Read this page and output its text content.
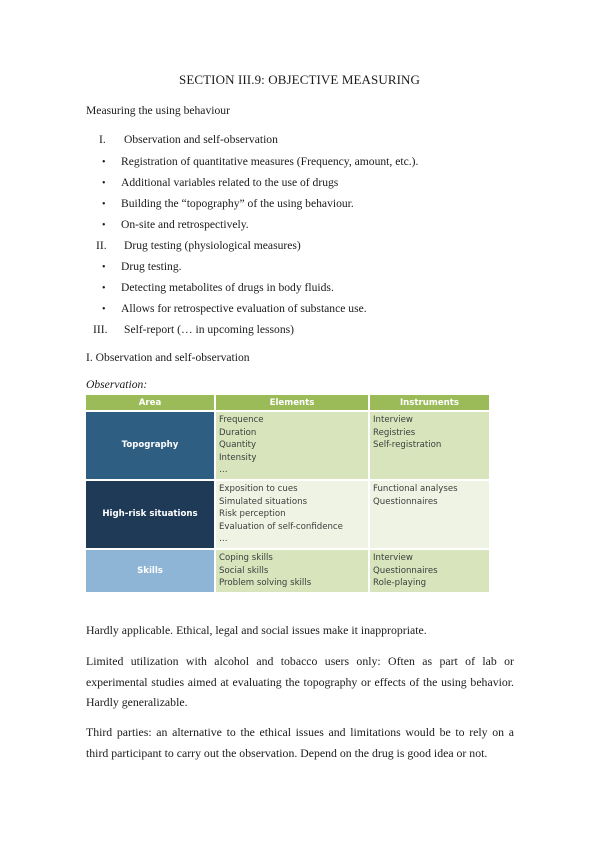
SECTION III.9: OBJECTIVE MEASURING
Measuring the using behaviour
I. Observation and self-observation
• Registration of quantitative measures (Frequency, amount, etc.).
• Additional variables related to the use of drugs
• Building the “topography” of the using behaviour.
• On-site and retrospectively.
II. Drug testing (physiological measures)
• Drug testing.
• Detecting metabolites of drugs in body fluids.
• Allows for retrospective evaluation of substance use.
III. Self-report (… in upcoming lessons)
I. Observation and self-observation
Observation:
Area	Elements	Instruments
Topography	Frequence
Duration
Quantity
Intensity
…	Interview
Registries
Self-registration

High-risk situations	Exposition to cues
Simulated situations
Risk perception
Evaluation of self-confidence
…	Functional analyses
Questionnaires

Skills	Coping skills
Social skills
Problem solving skills	Interview
Questionnaires
Role-playing
Hardly applicable. Ethical, legal and social issues make it inappropriate.
Limited utilization with alcohol and tobacco users only: Often as part of lab or
experimental studies aimed at evaluating the topography or effects of the using behavior.
Hardly generalizable.
Third parties: an alternative to the ethical issues and limitations would be to rely on a
third participant to carry out the observation. Depend on the drug is good idea or not.
